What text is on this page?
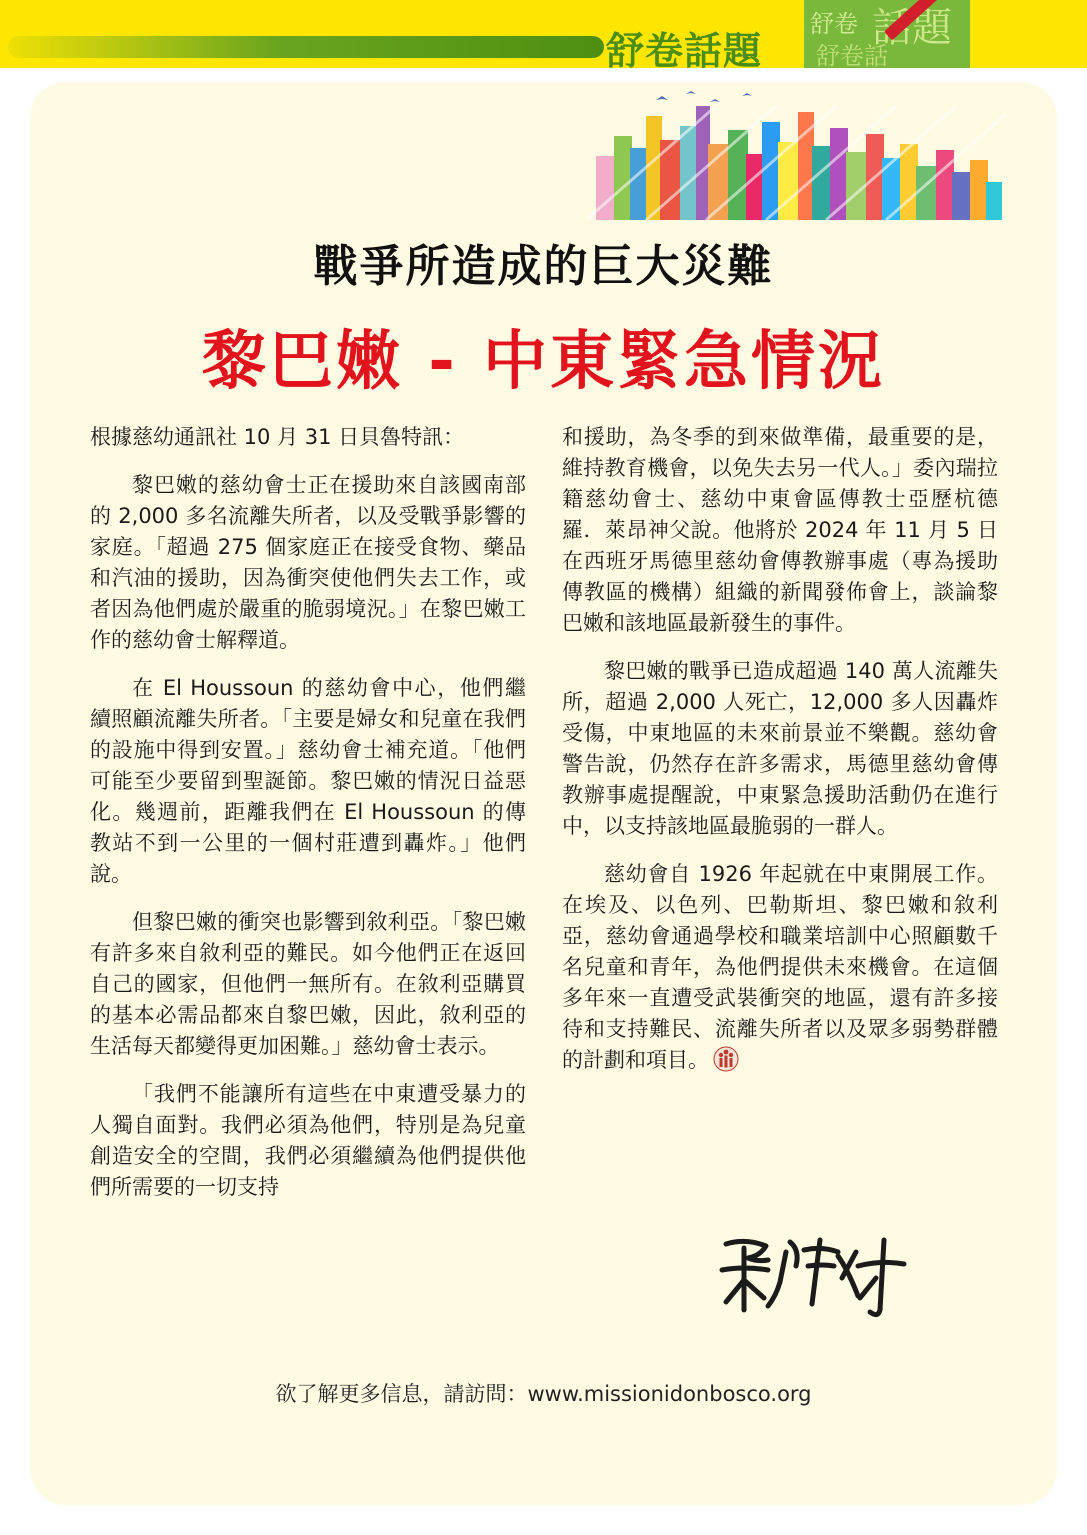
舒卷話題
舒卷 話題
舒卷話
戰爭所造成的巨大災難
黎巴嫩 - 中東緊急情況

根據慈幼通訊社 10 月 31 日貝魯特訊：

黎巴嫩的慈幼會士正在援助來自該國南部的 2,000 多名流離失所者，以及受戰爭影響的家庭。「超過 275 個家庭正在接受食物、藥品和汽油的援助，因為衝突使他們失去工作，或者因為他們處於嚴重的脆弱境況。」在黎巴嫩工作的慈幼會士解釋道。

在 El Houssoun 的慈幼會中心，他們繼續照顧流離失所者。「主要是婦女和兒童在我們的設施中得到安置。」慈幼會士補充道。「他們可能至少要留到聖誕節。黎巴嫩的情況日益惡化。幾週前，距離我們在 El Houssoun 的傳教站不到一公里的一個村莊遭到轟炸。」他們說。

但黎巴嫩的衝突也影響到敘利亞。「黎巴嫩有許多來自敘利亞的難民。如今他們正在返回自己的國家，但他們一無所有。在敘利亞購買的基本必需品都來自黎巴嫩，因此，敘利亞的生活每天都變得更加困難。」慈幼會士表示。

「我們不能讓所有這些在中東遭受暴力的人獨自面對。我們必須為他們，特別是為兒童創造安全的空間，我們必須繼續為他們提供他們所需要的一切支持

和援助，為冬季的到來做準備，最重要的是，維持教育機會，以免失去另一代人。」委內瑞拉籍慈幼會士、慈幼中東會區傳教士亞歷杭德羅．萊昂神父說。他將於 2024 年 11 月 5 日在西班牙馬德里慈幼會傳教辦事處（專為援助傳教區的機構）組織的新聞發佈會上，談論黎巴嫩和該地區最新發生的事件。

黎巴嫩的戰爭已造成超過 140 萬人流離失所，超過 2,000 人死亡，12,000 多人因轟炸受傷，中東地區的未來前景並不樂觀。慈幼會警告說，仍然存在許多需求，馬德里慈幼會傳教辦事處提醒說，中東緊急援助活動仍在進行中，以支持該地區最脆弱的一群人。

慈幼會自 1926 年起就在中東開展工作。在埃及、以色列、巴勒斯坦、黎巴嫩和敘利亞，慈幼會通過學校和職業培訓中心照顧數千名兒童和青年，為他們提供未來機會。在這個多年來一直遭受武裝衝突的地區，還有許多接待和支持難民、流離失所者以及眾多弱勢群體的計劃和項目。

欲了解更多信息，請訪問：www.missionidonbosco.org
